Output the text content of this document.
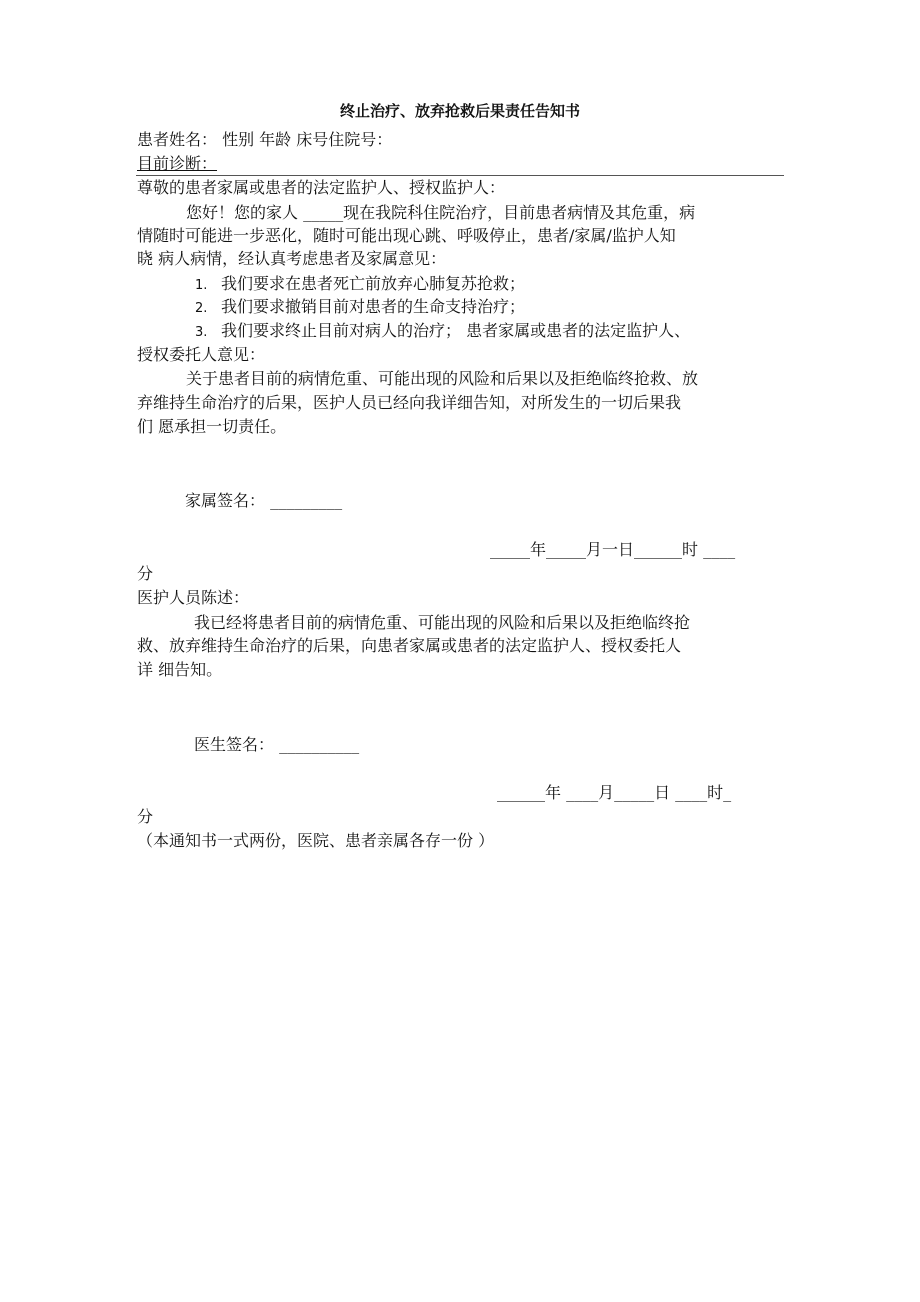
终止治疗、放弃抢救后果责任告知书
患者姓名： 性别 年龄 床号住院号：
目前诊断：
尊敬的患者家属或患者的法定监护人、授权监护人：
您好！您的家人 _____现在我院科住院治疗，目前患者病情及其危重，病
情随时可能进一步恶化，随时可能出现心跳、呼吸停止，患者/家属/监护人知
晓 病人病情，经认真考虑患者及家属意见：
1. 我们要求在患者死亡前放弃心肺复苏抢救；
2. 我们要求撤销目前对患者的生命支持治疗；
3. 我们要求终止目前对病人的治疗； 患者家属或患者的法定监护人、
授权委托人意见：
关于患者目前的病情危重、可能出现的风险和后果以及拒绝临终抢救、放
弃维持生命治疗的后果，医护人员已经向我详细告知，对所发生的一切后果我
们 愿承担一切责任。
家属签名： _________
_____年_____月一日______时 ____
分
医护人员陈述：
我已经将患者目前的病情危重、可能出现的风险和后果以及拒绝临终抢
救、放弃维持生命治疗的后果，向患者家属或患者的法定监护人、授权委托人
详 细告知。
医生签名： __________
______年 ____月_____日 ____时_
分
（本通知书一式两份，医院、患者亲属各存一份 ）
